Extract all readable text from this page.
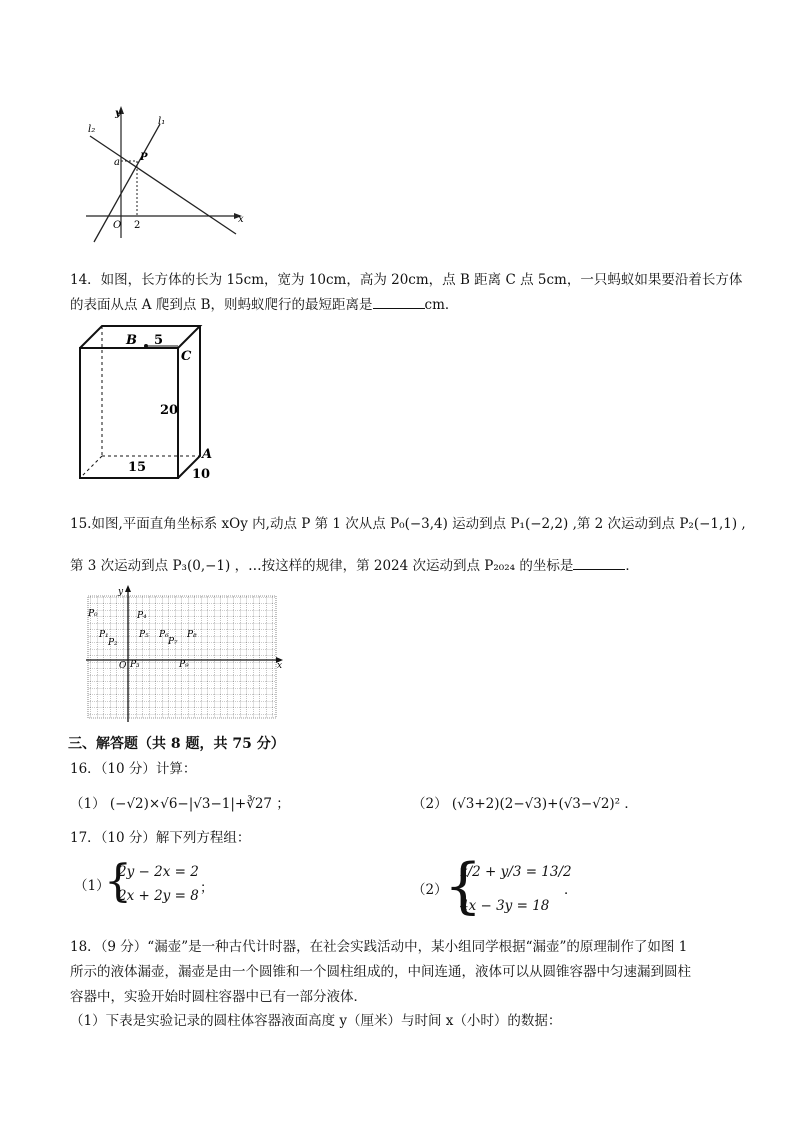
l₂
l₁
y
x
a P
O 2
14．如图，长方体的长为 15cm，宽为 10cm，高为 20cm，点 B 距离 C 点 5cm，一只蚂蚁如果要沿着长方体
的表面从点 A 爬到点 B，则蚂蚁爬行的最短距离是	cm．
B 5
C
20
15
A
10
15.如图,平面直角坐标系 xOy 内,动点 P 第 1 次从点 P₀(−3,4) 运动到点 P₁(−2,2) ,第 2 次运动到点 P₂(−1,1) ,
第 3 次运动到点 P₃(0,−1) ，…按这样的规律，第 2024 次运动到点 P₂₀₂₄ 的坐标是	．
y
x
O
P₀
P₁
P₂
P₃
P₄
P₅ P₆
P₇
P₈
P₉
三、解答题（共 8 题，共 75 分）
16．（10 分）计算：
（1） (−√2)×√6−|√3−1|+∛27 ；	（2） (√3+2)(2−√3)+(√3−√2)² ．
17．（10 分）解下列方程组：
（1）
{
2y − 2x = 2
2x + 2y = 8 ；	（2）
{
x/2 + y/3 = 13/2
4x − 3y = 18
．
18．（9 分）“漏壶”是一种古代计时器，在社会实践活动中，某小组同学根据“漏壶”的原理制作了如图 1
所示的液体漏壶，漏壶是由一个圆锥和一个圆柱组成的，中间连通，液体可以从圆锥容器中匀速漏到圆柱
容器中，实验开始时圆柱容器中已有一部分液体．
（1）下表是实验记录的圆柱体容器液面高度 y（厘米）与时间 x（小时）的数据：
